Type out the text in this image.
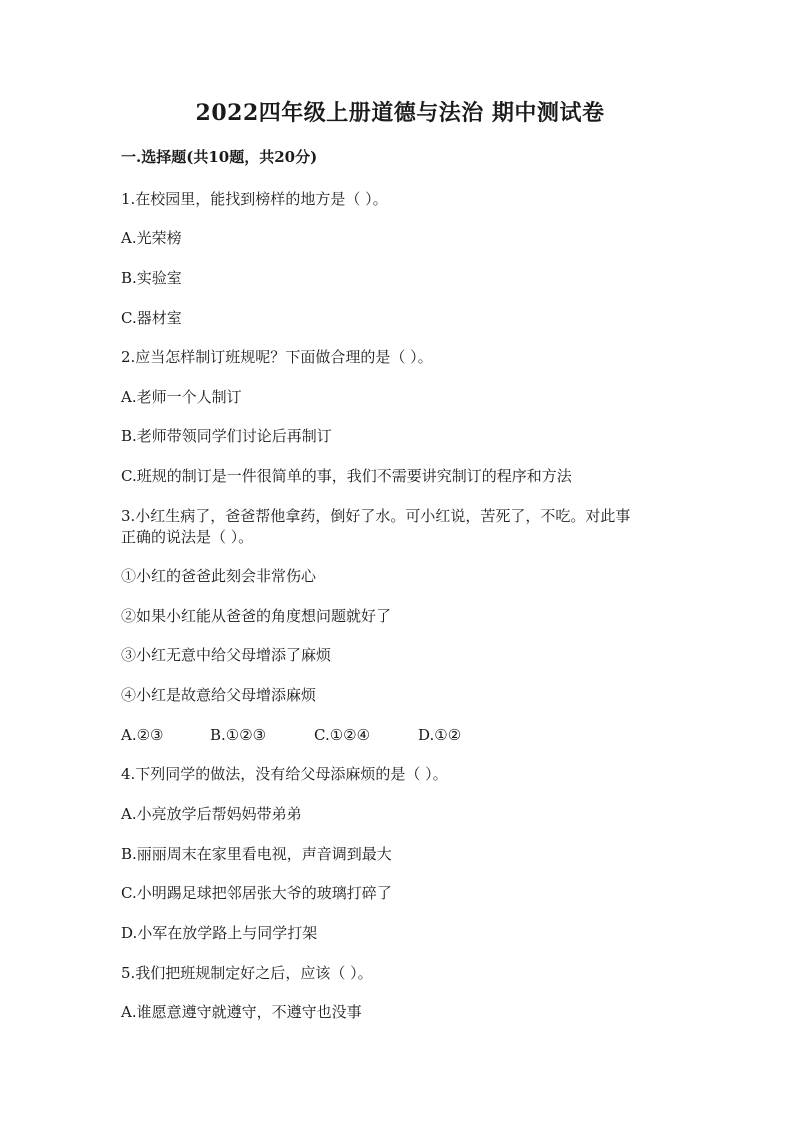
2022四年级上册道德与法治 期中测试卷
一.选择题(共10题，共20分)
1.在校园里，能找到榜样的地方是（ ）。
A.光荣榜
B.实验室
C.器材室
2.应当怎样制订班规呢？下面做合理的是（ ）。
A.老师一个人制订
B.老师带领同学们讨论后再制订
C.班规的制订是一件很简单的事，我们不需要讲究制订的程序和方法
3.小红生病了，爸爸帮他拿药，倒好了水。可小红说，苦死了，不吃。对此事
正确的说法是（ ）。
①小红的爸爸此刻会非常伤心
②如果小红能从爸爸的角度想问题就好了
③小红无意中给父母增添了麻烦
④小红是故意给父母增添麻烦
A.②③	B.①②③	C.①②④	D.①②
4.下列同学的做法，没有给父母添麻烦的是（ ）。
A.小亮放学后帮妈妈带弟弟
B.丽丽周末在家里看电视，声音调到最大
C.小明踢足球把邻居张大爷的玻璃打碎了
D.小军在放学路上与同学打架
5.我们把班规制定好之后，应该（ ）。
A.谁愿意遵守就遵守，不遵守也没事
